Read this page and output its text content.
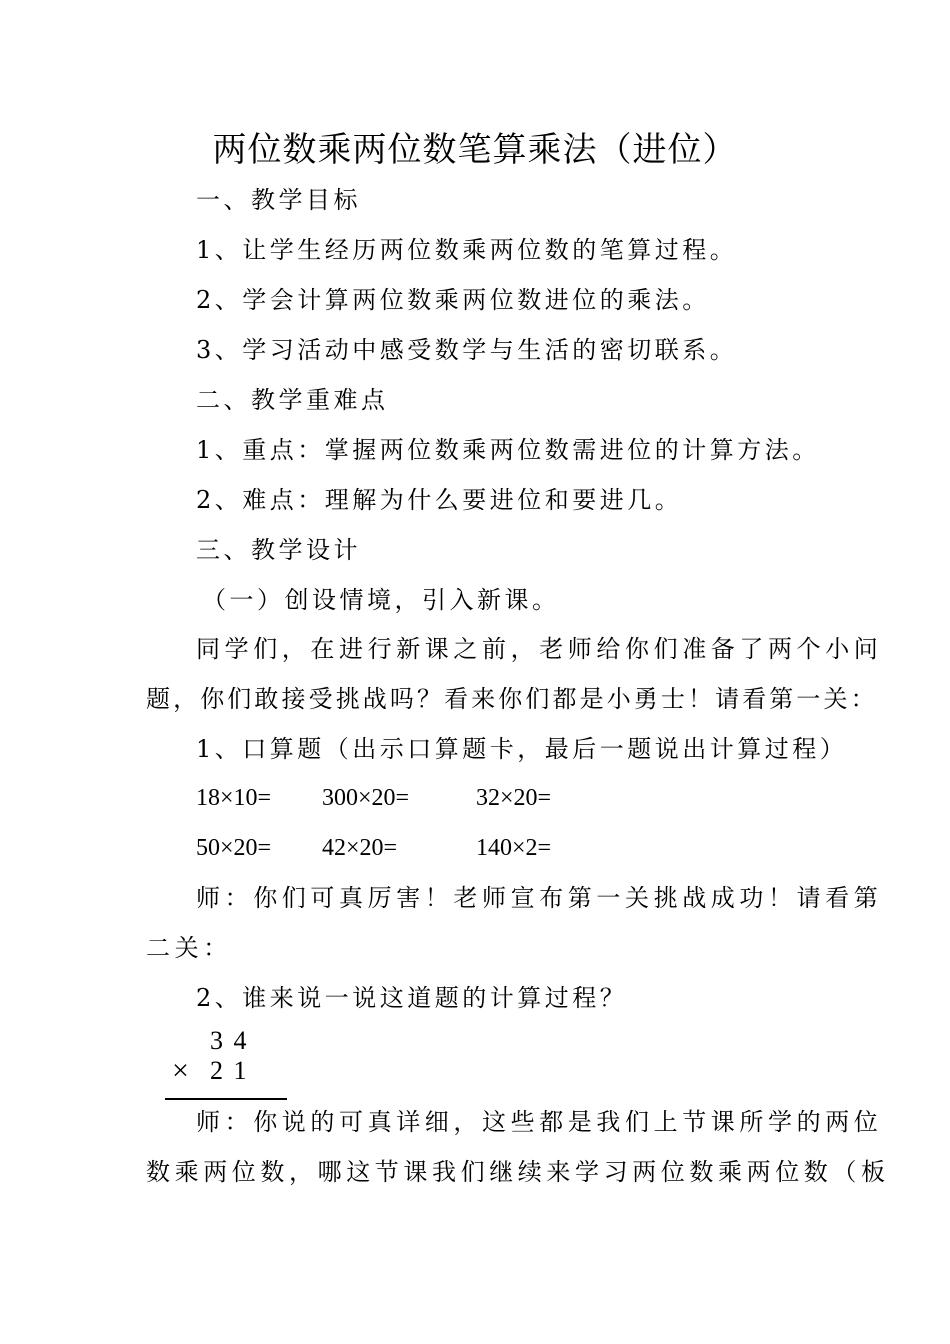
两位数乘两位数笔算乘法（进位）
一、教学目标
1、让学生经历两位数乘两位数的笔算过程。
2、学会计算两位数乘两位数进位的乘法。
3、学习活动中感受数学与生活的密切联系。
二、教学重难点
1、重点：掌握两位数乘两位数需进位的计算方法。
2、难点：理解为什么要进位和要进几。
三、教学设计
（一）创设情境，引入新课。
同学们，在进行新课之前，老师给你们准备了两个小问
题，你们敢接受挑战吗？看来你们都是小勇士！请看第一关：
1、口算题（出示口算题卡，最后一题说出计算过程）
18×10= 300×20=	32×20=
50×20= 42×20=	140×2=
师：你们可真厉害！老师宣布第一关挑战成功！请看第
二关：
2、谁来说一说这道题的计算过程？
3 4
× 2 1
师：你说的可真详细，这些都是我们上节课所学的两位
数乘两位数，哪这节课我们继续来学习两位数乘两位数（板
